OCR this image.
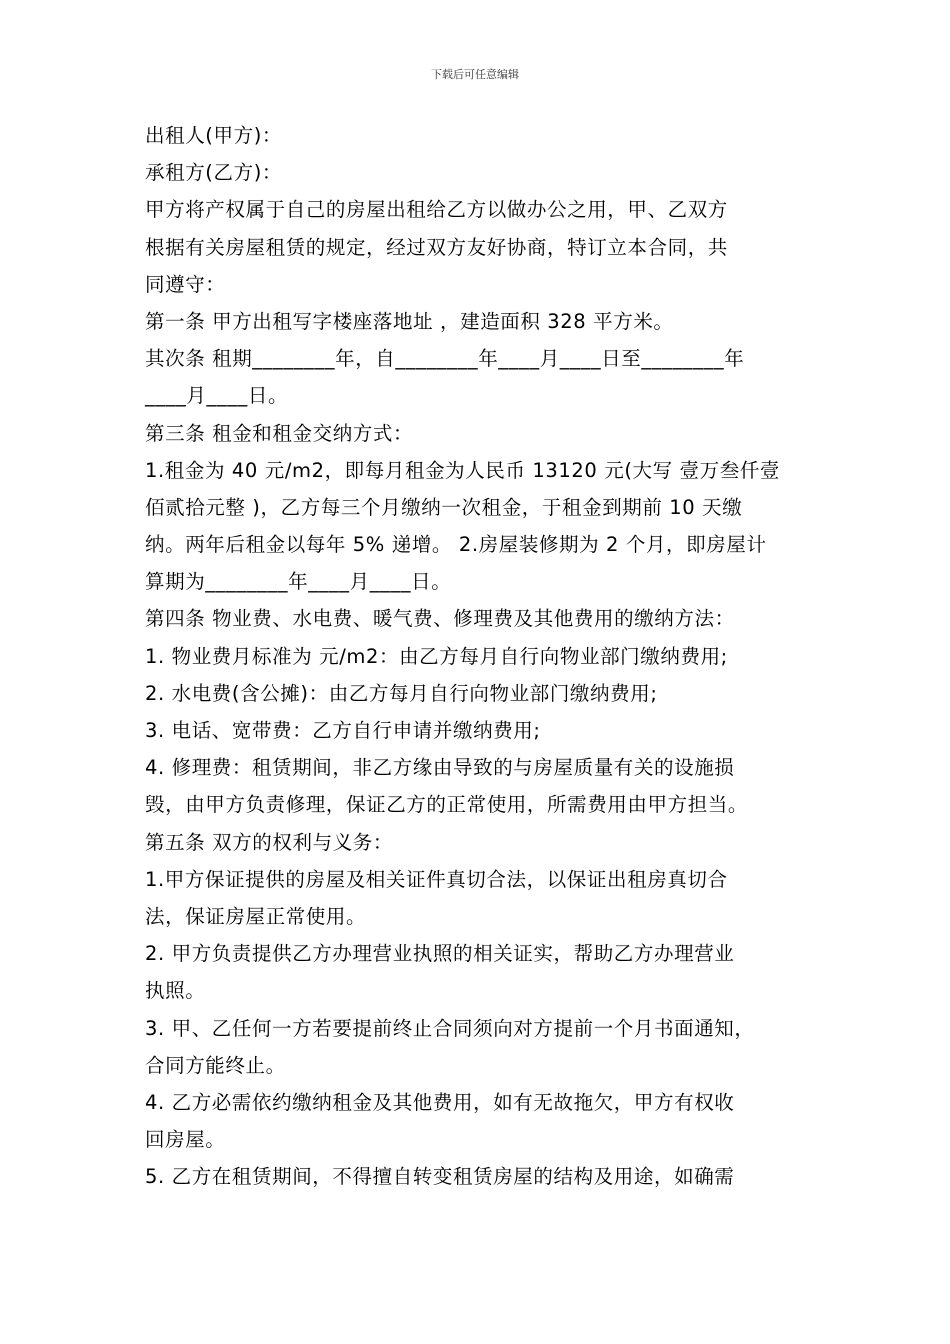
下载后可任意编辑
出租人(甲方)：
承租方(乙方)：
甲方将产权属于自己的房屋出租给乙方以做办公之用，甲、乙双方
根据有关房屋租赁的规定，经过双方友好协商，特订立本合同，共
同遵守：
第一条 甲方出租写字楼座落地址 ，建造面积 328 平方米。
其次条 租期________年，自________年____月____日至________年
____月____日。
第三条 租金和租金交纳方式：
1.租金为 40 元/m2，即每月租金为人民币 13120 元(大写 壹万叁仟壹
佰贰拾元整 )，乙方每三个月缴纳一次租金，于租金到期前 10 天缴
纳。两年后租金以每年 5% 递增。 2.房屋装修期为 2 个月，即房屋计
算期为________年____月____日。
第四条 物业费、水电费、暖气费、修理费及其他费用的缴纳方法：
1. 物业费月标准为 元/m2：由乙方每月自行向物业部门缴纳费用;
2. 水电费(含公摊)：由乙方每月自行向物业部门缴纳费用;
3. 电话、宽带费：乙方自行申请并缴纳费用;
4. 修理费：租赁期间，非乙方缘由导致的与房屋质量有关的设施损
毁，由甲方负责修理，保证乙方的正常使用，所需费用由甲方担当。
第五条 双方的权利与义务：
1.甲方保证提供的房屋及相关证件真切合法，以保证出租房真切合
法，保证房屋正常使用。
2. 甲方负责提供乙方办理营业执照的相关证实，帮助乙方办理营业
执照。
3. 甲、乙任何一方若要提前终止合同须向对方提前一个月书面通知，
合同方能终止。
4. 乙方必需依约缴纳租金及其他费用，如有无故拖欠，甲方有权收
回房屋。
5. 乙方在租赁期间，不得擅自转变租赁房屋的结构及用途，如确需
